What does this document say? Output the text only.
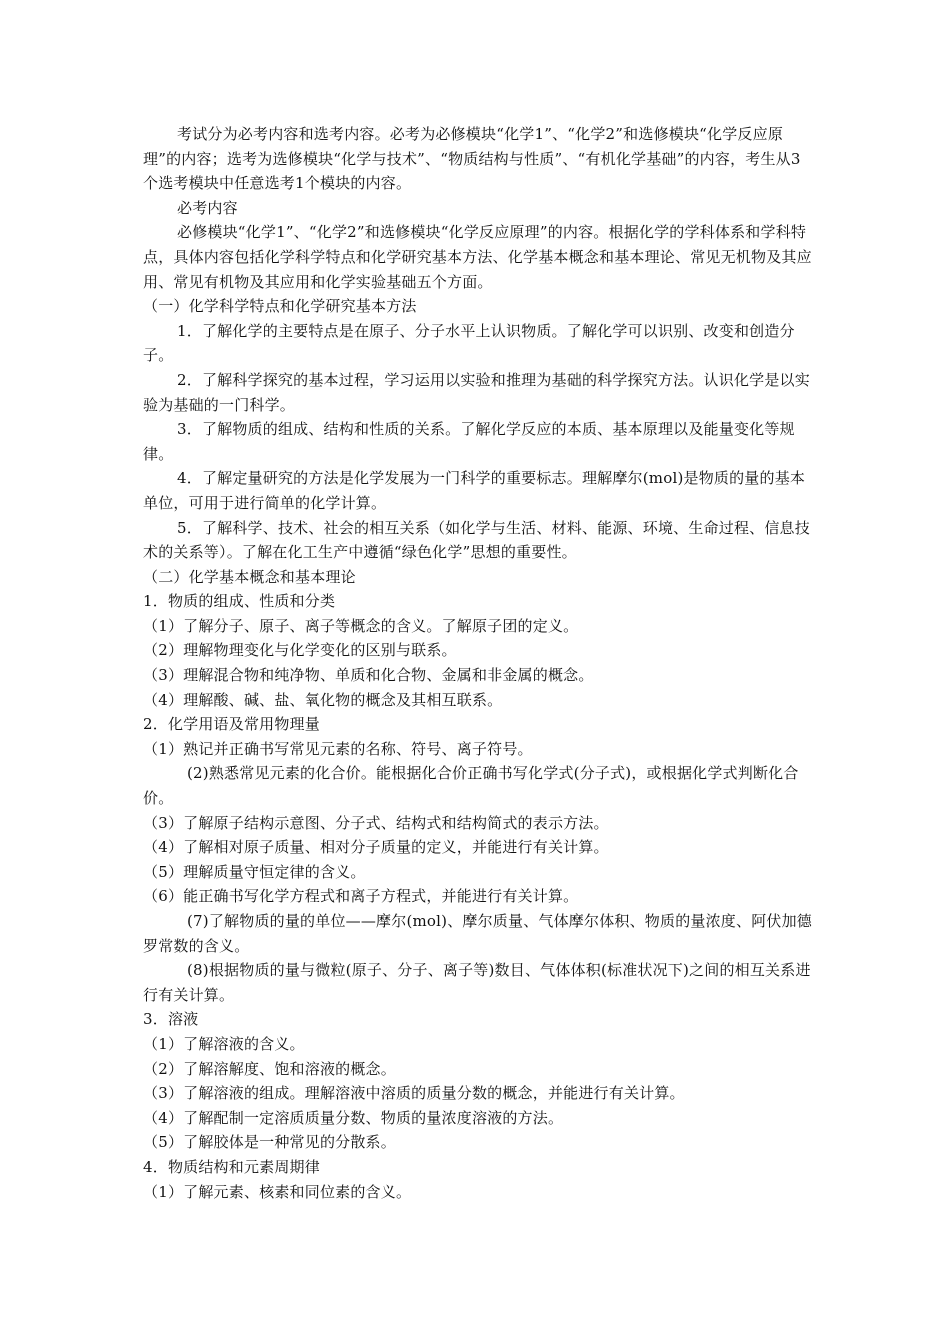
考试分为必考内容和选考内容。必考为必修模块“化学1”、“化学2”和选修模块“化学反应原理”的内容；选考为选修模块“化学与技术”、“物质结构与性质”、“有机化学基础”的内容，考生从3个选考模块中任意选考1个模块的内容。

必考内容

必修模块“化学1”、“化学2”和选修模块“化学反应原理”的内容。根据化学的学科体系和学科特点，具体内容包括化学科学特点和化学研究基本方法、化学基本概念和基本理论、常见无机物及其应用、常见有机物及其应用和化学实验基础五个方面。

（一）化学科学特点和化学研究基本方法

1．了解化学的主要特点是在原子、分子水平上认识物质。了解化学可以识别、改变和创造分子。

2．了解科学探究的基本过程，学习运用以实验和推理为基础的科学探究方法。认识化学是以实验为基础的一门科学。

3．了解物质的组成、结构和性质的关系。了解化学反应的本质、基本原理以及能量变化等规律。

4．了解定量研究的方法是化学发展为一门科学的重要标志。理解摩尔(mol)是物质的量的基本单位，可用于进行简单的化学计算。

5．了解科学、技术、社会的相互关系（如化学与生活、材料、能源、环境、生命过程、信息技术的关系等）。了解在化工生产中遵循“绿色化学”思想的重要性。

（二）化学基本概念和基本理论

1．物质的组成、性质和分类

（1）了解分子、原子、离子等概念的含义。了解原子团的定义。

（2）理解物理变化与化学变化的区别与联系。

（3）理解混合物和纯净物、单质和化合物、金属和非金属的概念。

（4）理解酸、碱、盐、氧化物的概念及其相互联系。

2．化学用语及常用物理量

（1）熟记并正确书写常见元素的名称、符号、离子符号。

(2)熟悉常见元素的化合价。能根据化合价正确书写化学式(分子式)，或根据化学式判断化合价。

（3）了解原子结构示意图、分子式、结构式和结构简式的表示方法。

（4）了解相对原子质量、相对分子质量的定义，并能进行有关计算。

（5）理解质量守恒定律的含义。

（6）能正确书写化学方程式和离子方程式，并能进行有关计算。

(7)了解物质的量的单位——摩尔(mol)、摩尔质量、气体摩尔体积、物质的量浓度、阿伏加德罗常数的含义。

(8)根据物质的量与微粒(原子、分子、离子等)数目、气体体积(标准状况下)之间的相互关系进行有关计算。

3．溶液

（1）了解溶液的含义。

（2）了解溶解度、饱和溶液的概念。

（3）了解溶液的组成。理解溶液中溶质的质量分数的概念，并能进行有关计算。

（4）了解配制一定溶质质量分数、物质的量浓度溶液的方法。

（5）了解胶体是一种常见的分散系。

4．物质结构和元素周期律

（1）了解元素、核素和同位素的含义。
